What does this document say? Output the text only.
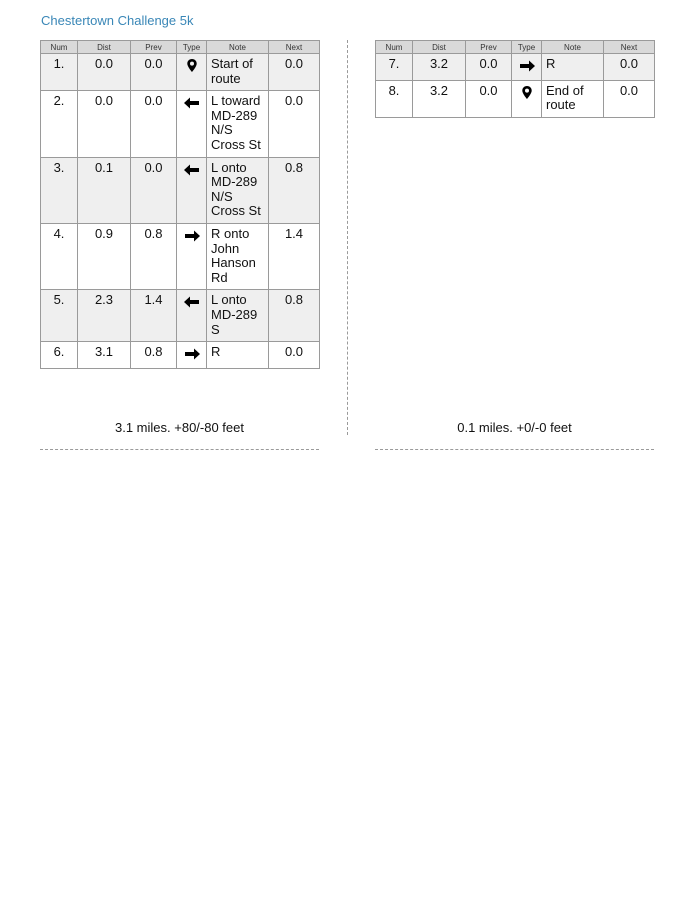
Chestertown Challenge 5k
Num	Dist	Prev	Type	Note	Next
1.	0.0	0.0		Start of route	0.0
2.	0.0	0.0		L toward MD-289 N/S Cross St	0.0
3.	0.1	0.0		L onto MD-289 N/S Cross St	0.8
4.	0.9	0.8		R onto John Hanson Rd	1.4
5.	2.3	1.4		L onto MD-289 S	0.8
6.	3.1	0.8		R	0.0
3.1 miles. +80/-80 feet
Num	Dist	Prev	Type	Note	Next
7.	3.2	0.0		R	0.0
8.	3.2	0.0		End of route	0.0
0.1 miles. +0/-0 feet
